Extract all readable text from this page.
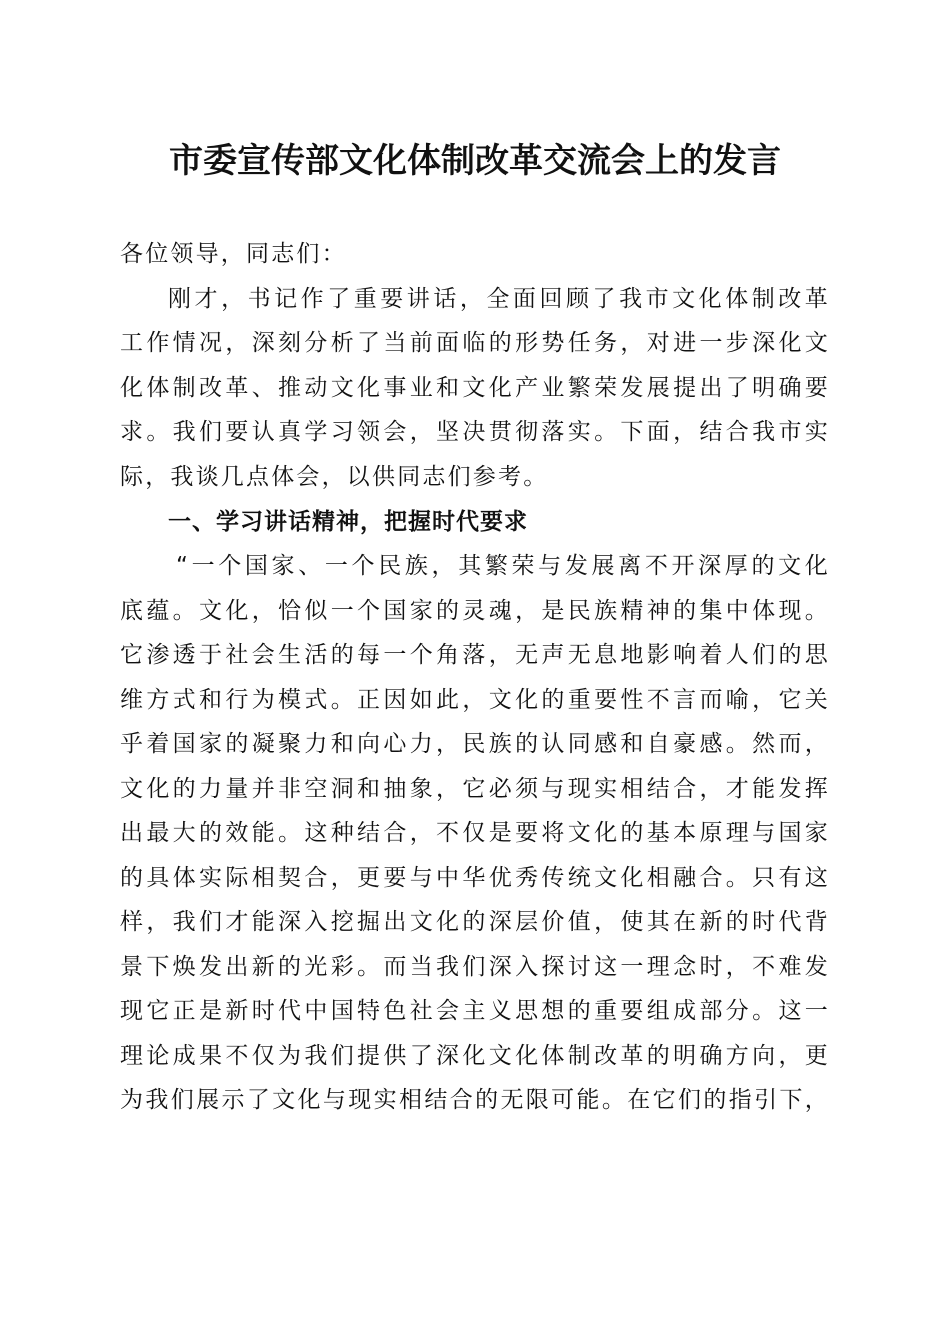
市委宣传部文化体制改革交流会上的发言
各位领导，同志们：
刚才，书记作了重要讲话，全面回顾了我市文化体制改革
工作情况，深刻分析了当前面临的形势任务，对进一步深化文
化体制改革、推动文化事业和文化产业繁荣发展提出了明确要
求。我们要认真学习领会，坚决贯彻落实。下面，结合我市实
际，我谈几点体会，以供同志们参考。
一、学习讲话精神，把握时代要求
“一个国家、一个民族，其繁荣与发展离不开深厚的文化
底蕴。文化，恰似一个国家的灵魂，是民族精神的集中体现。
它渗透于社会生活的每一个角落，无声无息地影响着人们的思
维方式和行为模式。正因如此，文化的重要性不言而喻，它关
乎着国家的凝聚力和向心力，民族的认同感和自豪感。然而，
文化的力量并非空洞和抽象，它必须与现实相结合，才能发挥
出最大的效能。这种结合，不仅是要将文化的基本原理与国家
的具体实际相契合，更要与中华优秀传统文化相融合。只有这
样，我们才能深入挖掘出文化的深层价值，使其在新的时代背
景下焕发出新的光彩。而当我们深入探讨这一理念时，不难发
现它正是新时代中国特色社会主义思想的重要组成部分。这一
理论成果不仅为我们提供了深化文化体制改革的明确方向，更
为我们展示了文化与现实相结合的无限可能。在它们的指引下，
